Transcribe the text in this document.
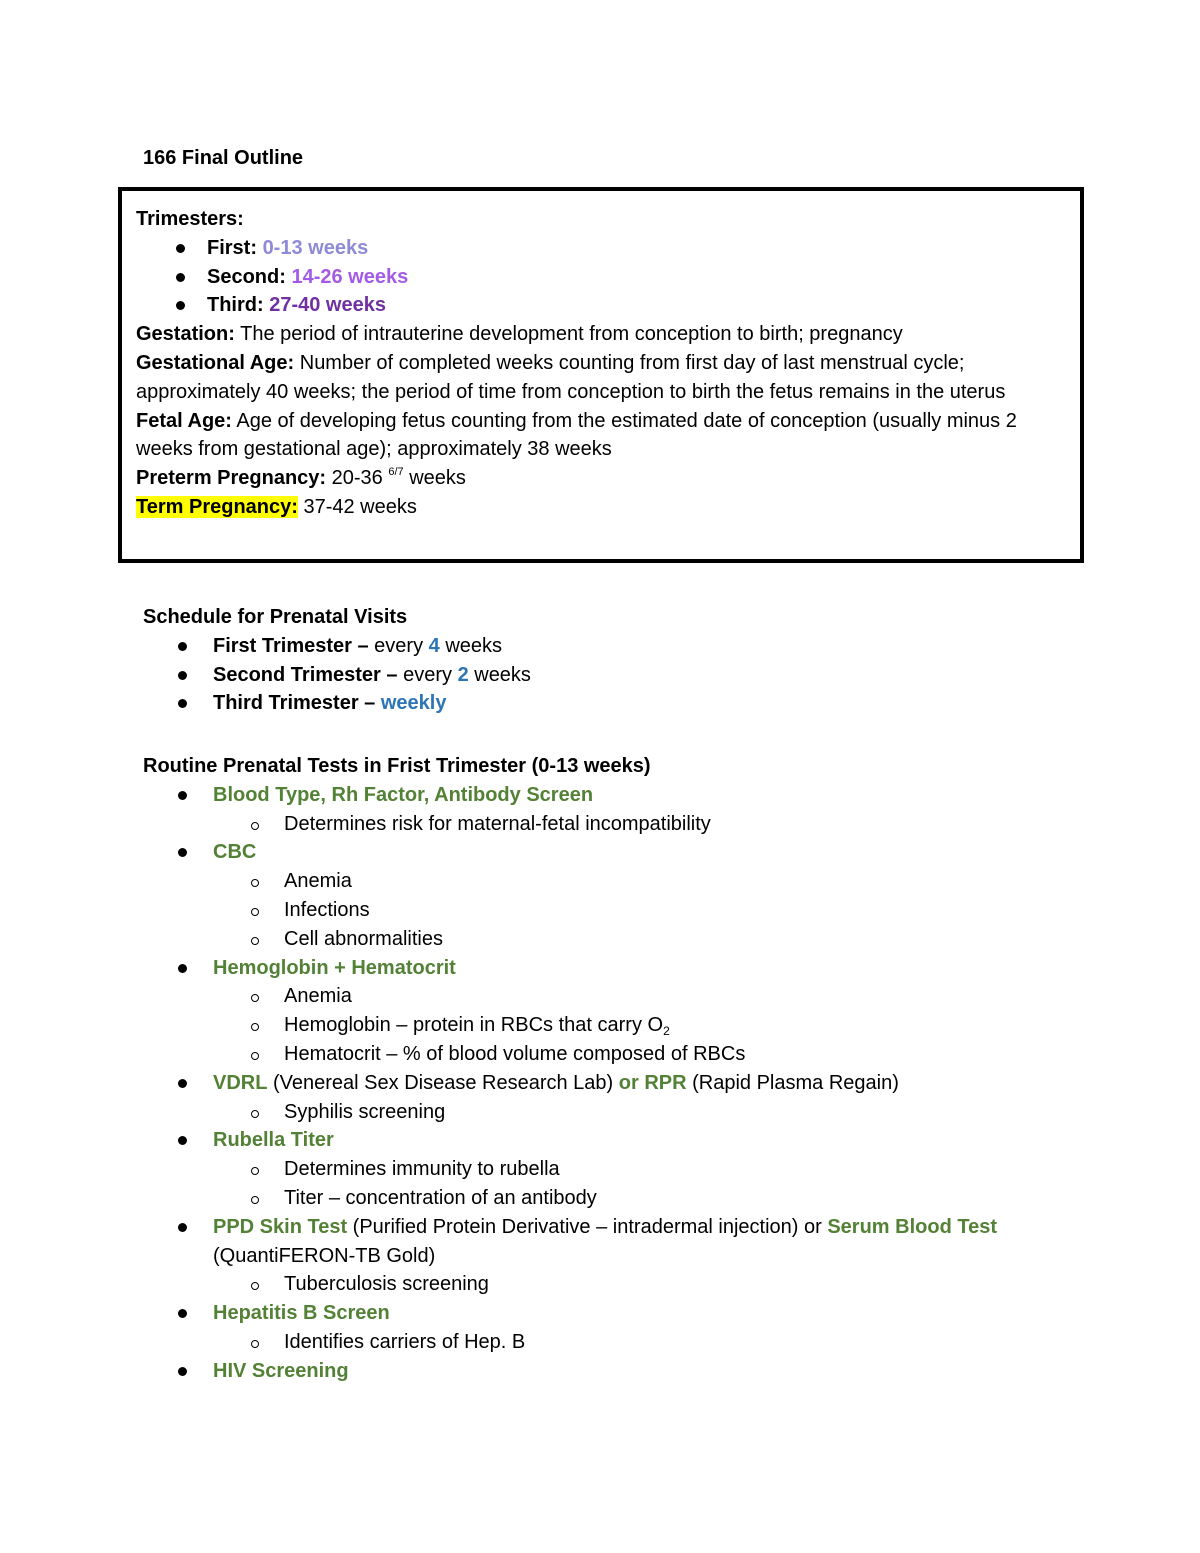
166 Final Outline
Trimesters:
First: 0-13 weeks
Second: 14-26 weeks
Third: 27-40 weeks
Gestation: The period of intrauterine development from conception to birth; pregnancy
Gestational Age: Number of completed weeks counting from first day of last menstrual cycle; approximately 40 weeks; the period of time from conception to birth the fetus remains in the uterus
Fetal Age: Age of developing fetus counting from the estimated date of conception (usually minus 2 weeks from gestational age); approximately 38 weeks
Preterm Pregnancy: 20-36 $^{6/7}$ weeks
Term Pregnancy: 37-42 weeks
Schedule for Prenatal Visits
First Trimester – every 4 weeks
Second Trimester – every 2 weeks
Third Trimester – weekly
Routine Prenatal Tests in Frist Trimester (0-13 weeks)
Blood Type, Rh Factor, Antibody Screen
Determines risk for maternal-fetal incompatibility
CBC
Anemia
Infections
Cell abnormalities
Hemoglobin + Hematocrit
Anemia
Hemoglobin – protein in RBCs that carry $O_2$
Hematocrit – % of blood volume composed of RBCs
VDRL (Venereal Sex Disease Research Lab) or RPR (Rapid Plasma Regain)
Syphilis screening
Rubella Titer
Determines immunity to rubella
Titer – concentration of an antibody
PPD Skin Test (Purified Protein Derivative – intradermal injection) or Serum Blood Test
(QuantiFERON-TB Gold)
Tuberculosis screening
Hepatitis B Screen
Identifies carriers of Hep. B
HIV Screening
